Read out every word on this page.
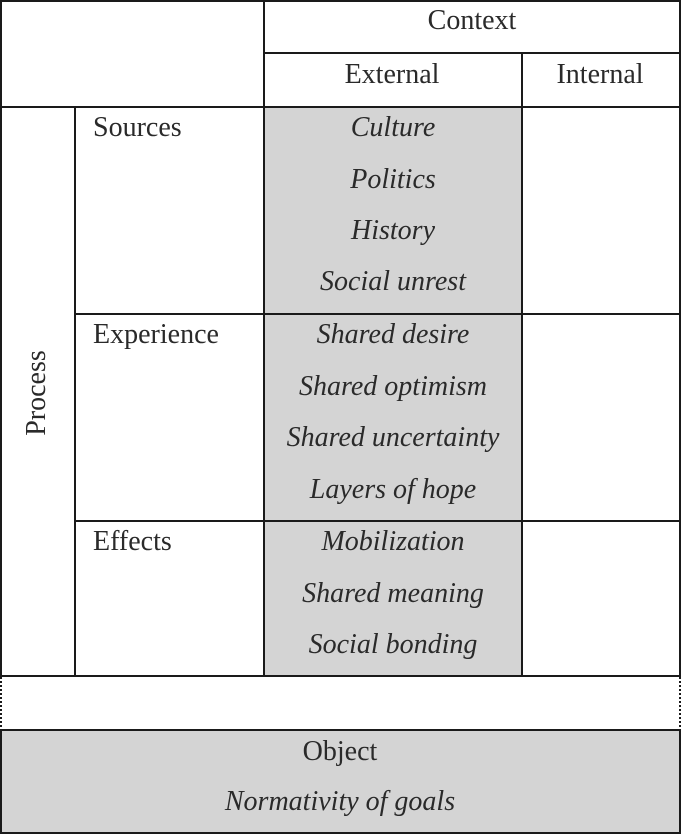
Context
External	Internal
Process
Sources
Experience
Effects
Culture
Politics
History
Social unrest
Shared desire
Shared optimism
Shared uncertainty
Layers of hope
Mobilization
Shared meaning
Social bonding
Object
Normativity of goals
